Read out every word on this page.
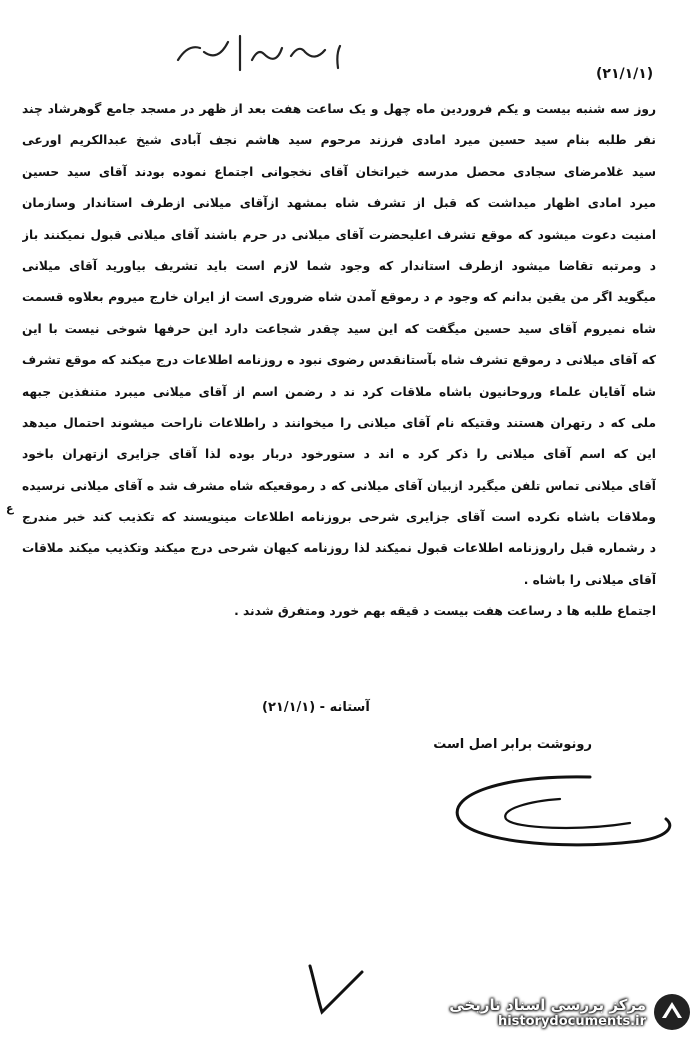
(۲۱/۱/۱)
روز سه شنبه بیست و یکم فروردین ماه چهل و یک ساعت هفت بعد از ظهر در مسجد جامع گوهرشاد چند
نفر طلبه بنام سید حسین میرد امادی فرزند مرحوم سید هاشم نجف آبادی شیخ عبدالکریم اورعی
سید غلامرضای سجادی محصل مدرسه خیراتخان آقای نخجوانی اجتماع نموده بودند آقای سید حسین
میرد امادی اظهار میداشت که قبل از تشرف شاه بمشهد ازآقای میلانی ازطرف استاندار وسازمان
امنیت دعوت میشود که موقع تشرف اعلیحضرت آقای میلانی در حرم باشند آقای میلانی قبول نمیکنند باز
د ومرتبه تقاضا میشود ازطرف استاندار که وجود شما لازم است باید تشریف بیاورید آقای میلانی
میگوید اگر من یقین بدانم که وجود م د رموقع آمدن شاه ضروری است از ایران خارج میروم بعلاوه قسمت
شاه نمیروم آقای سید حسین میگفت که این سید چقدر شجاعت دارد این حرفها شوخی نیست با این
که آقای میلانی د رموقع تشرف شاه بآستانقدس رضوی نبود ه روزنامه اطلاعات درج میکند که موقع تشرف
شاه آقایان علماء وروحانیون باشاه ملاقات کرد ند د رضمن اسم از آقای میلانی میبرد متنفذین جبهه
ملی که د رتهران هستند وقتیکه نام آقای میلانی را میخوانند د راطلاعات ناراحت میشوند احتمال میدهد
این که اسم آقای میلانی را ذکر کرد ه اند د ستورخود دربار بوده لذا آقای جزایری ازتهران باخود
آقای میلانی تماس تلفن میگیرد ازبیان آقای میلانی که د رموقعیکه شاه مشرف شد ه آقای میلانی نرسیده
وملاقات باشاه نکرده است آقای جزایری شرحی بروزنامه اطلاعات مینویسند که تکذیب کند خبر مندرج
د رشماره قبل راروزنامه اطلاعات قبول نمیکند لذا روزنامه کیهان شرحی درج میکند وتکذیب میکند ملاقات
آقای میلانی را باشاه .
اجتماع طلبه ها د رساعت هفت بیست د قیقه بهم خورد ومتفرق شدند .
ع
آستانه - (۲۱/۱/۱)
رونوشت برابر اصل است
مرکز بررسی اسناد تاریخی
historydocuments.ir
